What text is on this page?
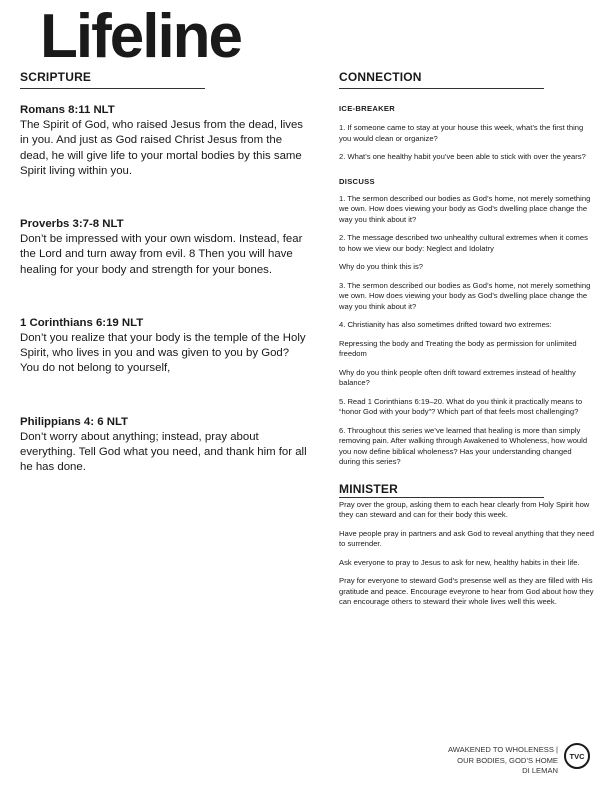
Lifeline
SCRIPTURE
Romans 8:11 NLT
The Spirit of God, who raised Jesus from the dead, lives in you. And just as God raised Christ Jesus from the dead, he will give life to your mortal bodies by this same Spirit living within you.
Proverbs 3:7-8 NLT
Don’t be impressed with your own wisdom. Instead, fear the Lord and turn away from evil. 8 Then you will have healing for your body and strength for your bones.
1 Corinthians 6:19 NLT
Don’t you realize that your body is the temple of the Holy Spirit, who lives in you and was given to you by God? You do not belong to yourself,
Philippians 4: 6 NLT
Don’t worry about anything; instead, pray about everything. Tell God what you need, and thank him for all he has done.
CONNECTION
ICE-BREAKER

1. If someone came to stay at your house this week, what’s the first thing you would clean or organize?

2. What’s one healthy habit you’ve been able to stick with over the years?

DISCUSS

1. The sermon described our bodies as God’s home, not merely something we own. How does viewing your body as God’s dwelling place change the way you think about it?

2. The message described two unhealthy cultural extremes when it comes to how we view our body: Neglect and Idolatry

Why do you think this is?

3. The sermon described our bodies as God’s home, not merely something we own. How does viewing your body as God’s dwelling place change the way you think about it?

4. Christianity has also sometimes drifted toward two extremes:

Repressing the body and Treating the body as permission for unlimited freedom

Why do you think people often drift toward extremes instead of healthy balance?

5. Read 1 Corinthians 6:19–20. What do you think it practically means to “honor God with your body”? Which part of that feels most challenging?

6. Throughout this series we’ve learned that healing is more than simply removing pain. After walking through Awakened to Wholeness, how would you now define biblical wholeness? Has your understanding changed during this series?

MINISTER

Pray over the group, asking them to each hear clearly from Holy Spirit how they can steward and can for their body this week.

Have people pray in partners and ask God to reveal anything that they need to surrender.

Ask everyone to pray to Jesus to ask for new, healthy habits in their life.

Pray for everyone to steward God’s presense well as they are filled with His gratitude and peace. Encourage eveyrone to hear from God about how they can encourage others to steward their whole lives well this week.

AWAKENED TO WHOLENESS |
OUR BODIES, GOD’S HOME
DI LEMAN
TVC
